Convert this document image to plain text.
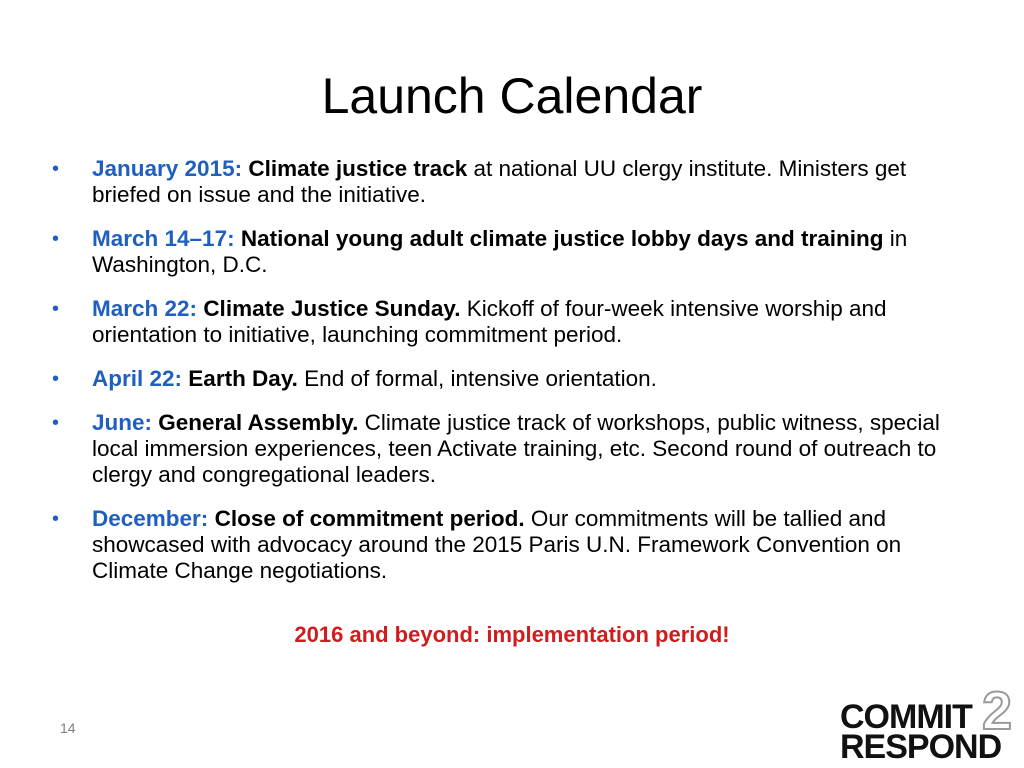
Launch Calendar
•	January 2015: Climate justice track at national UU clergy institute. Ministers get briefed on issue and the initiative.
•	March 14–17: National young adult climate justice lobby days and training in Washington, D.C.
•	March 22: Climate Justice Sunday. Kickoff of four-week intensive worship and orientation to initiative, launching commitment period.
•	April 22: Earth Day. End of formal, intensive orientation.
•	June: General Assembly. Climate justice track of workshops, public witness, special local immersion experiences, teen Activate training, etc. Second round of outreach to clergy and congregational leaders.
•	December: Close of commitment period. Our commitments will be tallied and showcased with advocacy around the 2015 Paris U.N. Framework Convention on Climate Change negotiations.
2016 and beyond: implementation period!
14	2
COMMIT
RESPOND
